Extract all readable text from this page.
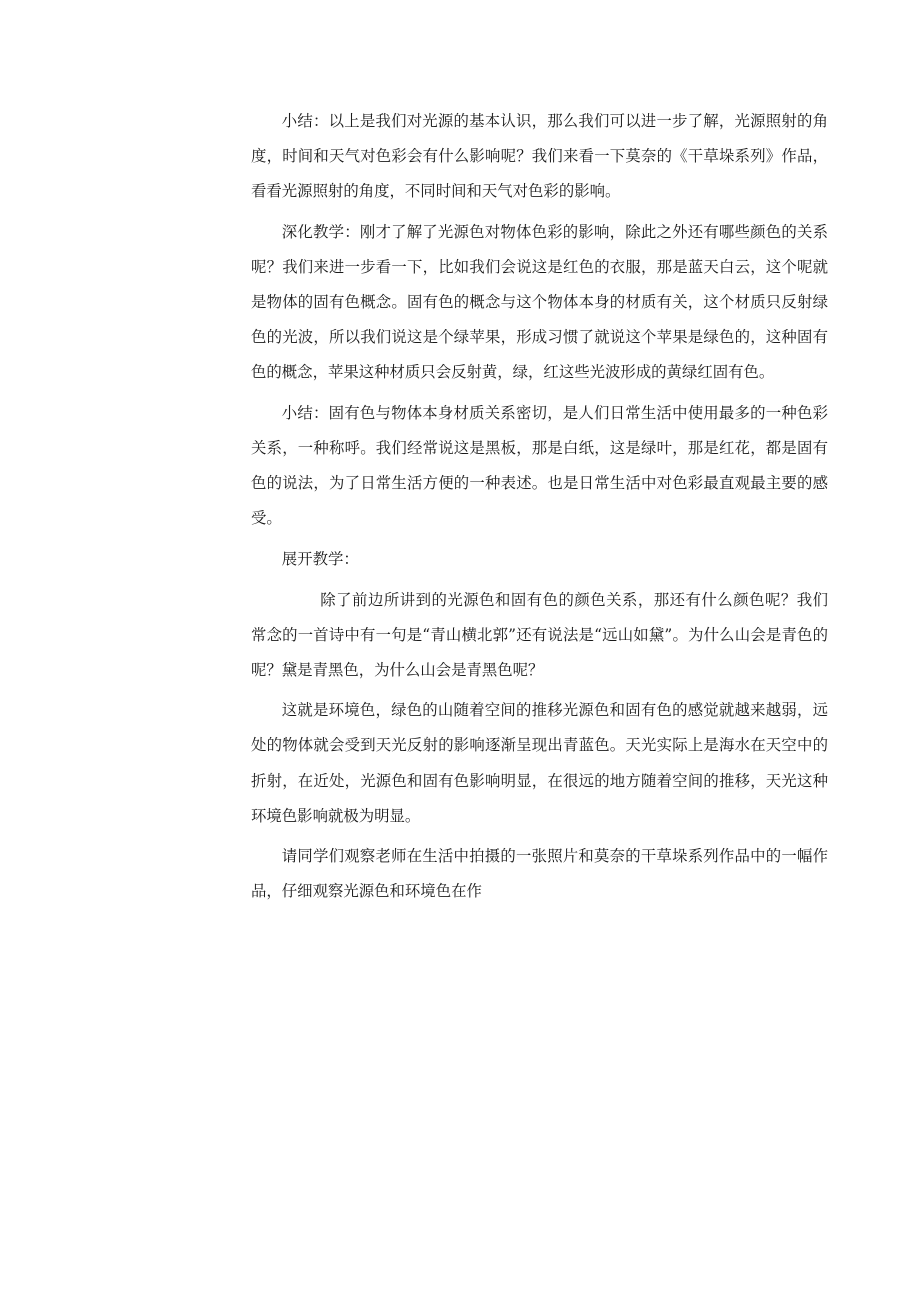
小结：以上是我们对光源的基本认识，那么我们可以进一步了解，光源照射的角度，时间和天气对色彩会有什么影响呢？我们来看一下莫奈的《干草垛系列》作品，看看光源照射的角度，不同时间和天气对色彩的影响。

深化教学：刚才了解了光源色对物体色彩的影响，除此之外还有哪些颜色的关系呢？我们来进一步看一下，比如我们会说这是红色的衣服，那是蓝天白云，这个呢就是物体的固有色概念。固有色的概念与这个物体本身的材质有关，这个材质只反射绿色的光波，所以我们说这是个绿苹果，形成习惯了就说这个苹果是绿色的，这种固有色的概念，苹果这种材质只会反射黄，绿，红这些光波形成的黄绿红固有色。

小结：固有色与物体本身材质关系密切，是人们日常生活中使用最多的一种色彩关系，一种称呼。我们经常说这是黑板，那是白纸，这是绿叶，那是红花，都是固有色的说法，为了日常生活方便的一种表述。也是日常生活中对色彩最直观最主要的感受。

展开教学：

除了前边所讲到的光源色和固有色的颜色关系，那还有什么颜色呢？我们常念的一首诗中有一句是“青山横北郭”还有说法是“远山如黛”。为什么山会是青色的呢？黛是青黑色，为什么山会是青黑色呢？

这就是环境色，绿色的山随着空间的推移光源色和固有色的感觉就越来越弱，远处的物体就会受到天光反射的影响逐渐呈现出青蓝色。天光实际上是海水在天空中的折射，在近处，光源色和固有色影响明显，在很远的地方随着空间的推移，天光这种环境色影响就极为明显。

请同学们观察老师在生活中拍摄的一张照片和莫奈的干草垛系列作品中的一幅作品，仔细观察光源色和环境色在作
